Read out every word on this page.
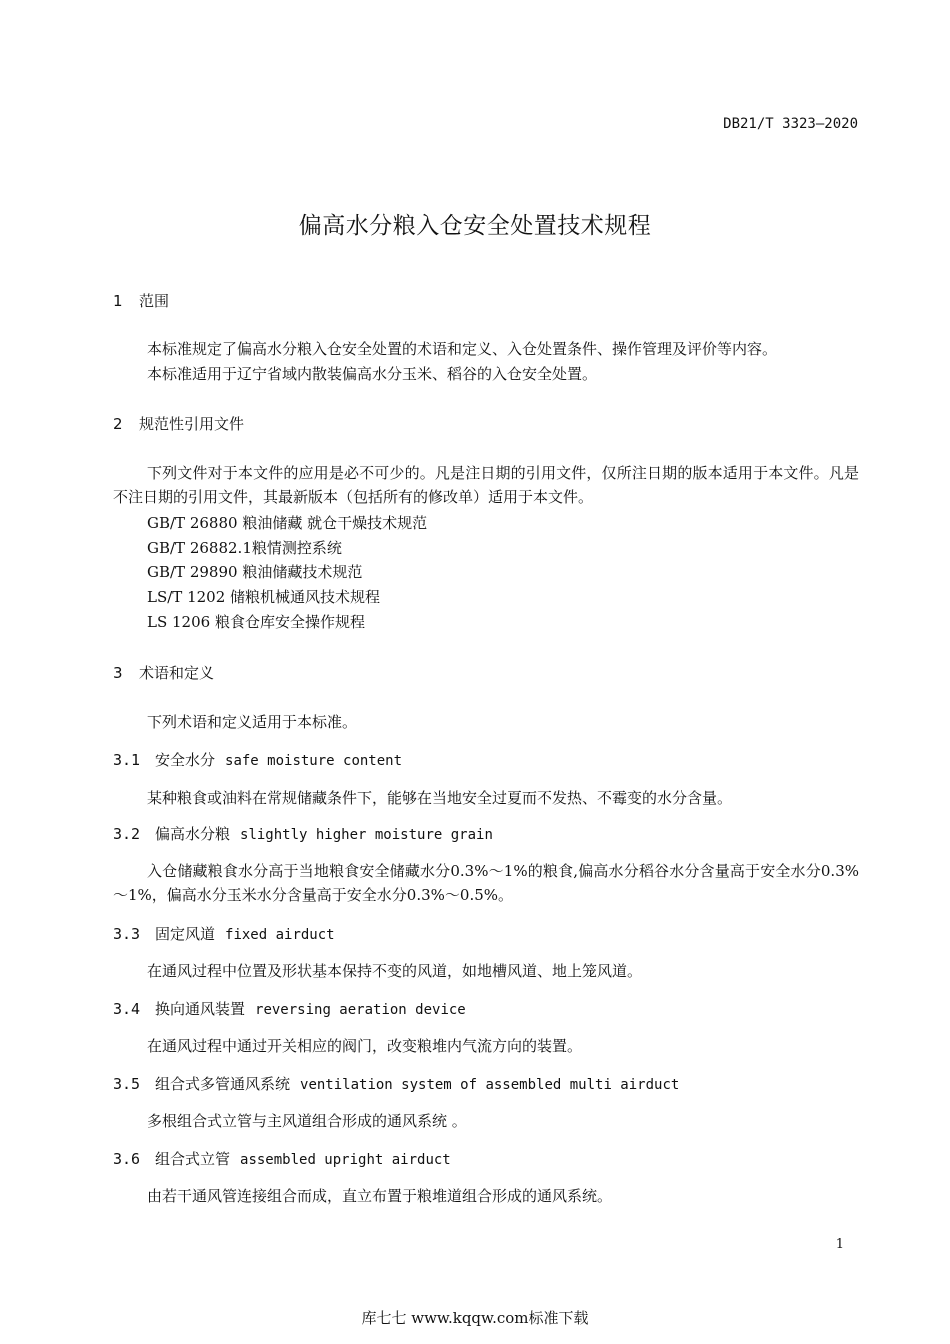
DB21/T 3323—2020
偏高水分粮入仓安全处置技术规程
1 范围
本标准规定了偏高水分粮入仓安全处置的术语和定义、入仓处置条件、操作管理及评价等内容。
本标准适用于辽宁省域内散装偏高水分玉米、稻谷的入仓安全处置。
2 规范性引用文件
下列文件对于本文件的应用是必不可少的。凡是注日期的引用文件，仅所注日期的版本适用于本文件。凡是不注日期的引用文件，其最新版本（包括所有的修改单）适用于本文件。
GB/T 26880 粮油储藏 就仓干燥技术规范
GB/T 26882.1粮情测控系统
GB/T 29890 粮油储藏技术规范
LS/T 1202 储粮机械通风技术规程
LS 1206 粮食仓库安全操作规程
3 术语和定义
下列术语和定义适用于本标准。
3.1 安全水分 safe moisture content
某种粮食或油料在常规储藏条件下，能够在当地安全过夏而不发热、不霉变的水分含量。
3.2 偏高水分粮 slightly higher moisture grain
入仓储藏粮食水分高于当地粮食安全储藏水分0.3%～1%的粮食,偏高水分稻谷水分含量高于安全水分0.3%～1%，偏高水分玉米水分含量高于安全水分0.3%～0.5%。
3.3 固定风道 fixed airduct
在通风过程中位置及形状基本保持不变的风道，如地槽风道、地上笼风道。
3.4 换向通风装置 reversing aeration device
在通风过程中通过开关相应的阀门，改变粮堆内气流方向的装置。
3.5 组合式多管通风系统 ventilation system of assembled multi airduct
多根组合式立管与主风道组合形成的通风系统 。
3.6 组合式立管 assembled upright airduct
由若干通风管连接组合而成，直立布置于粮堆道组合形成的通风系统。
1
库七七 www.kqqw.com标准下载
